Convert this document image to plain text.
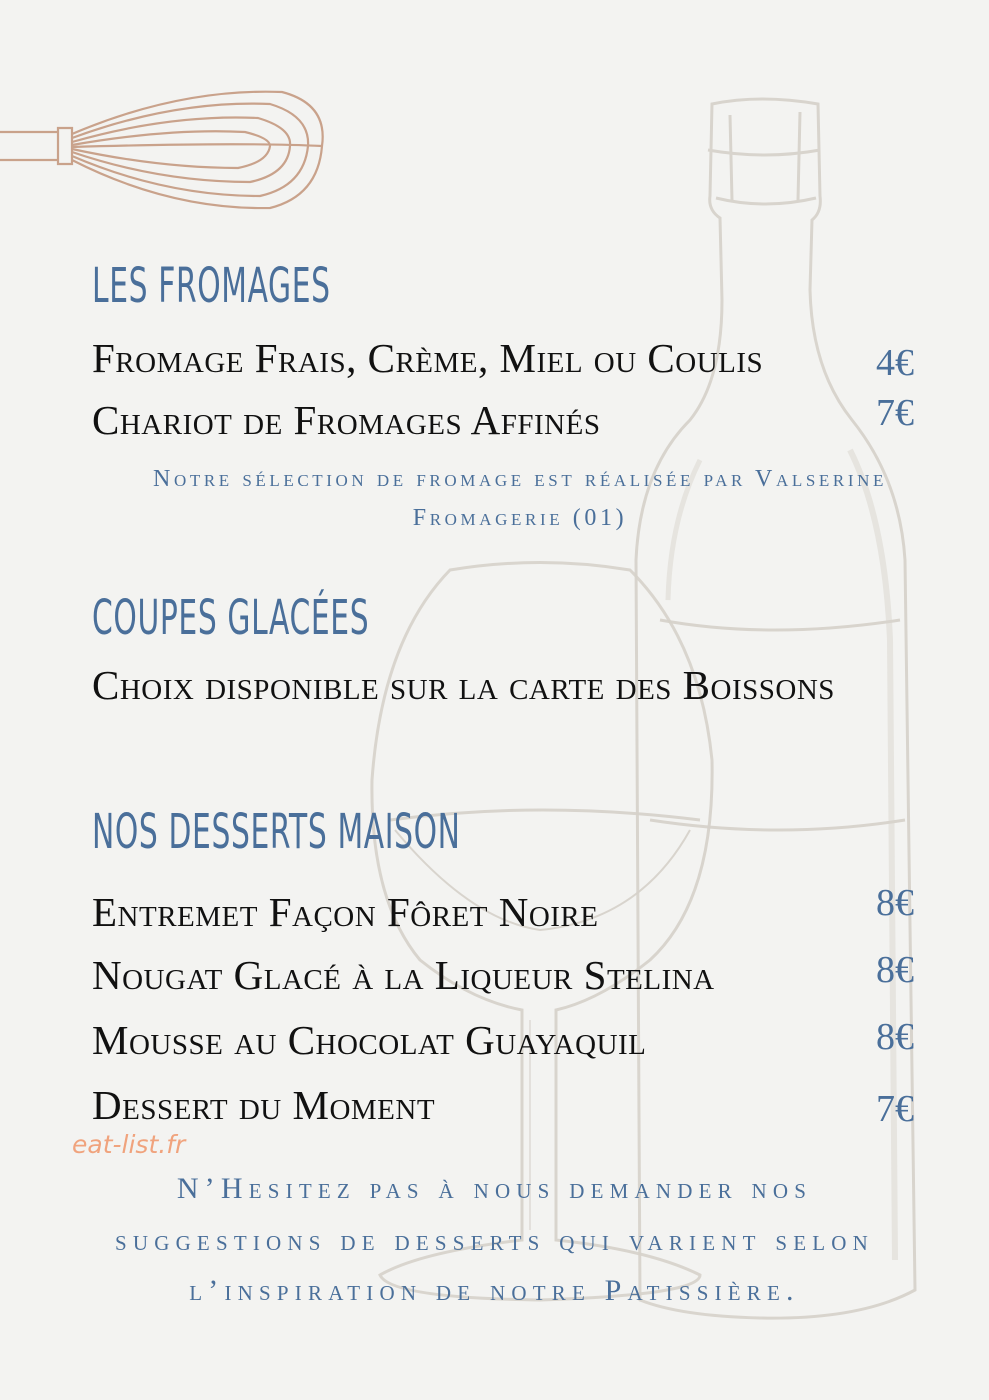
LES FROMAGES
Fromage Frais, Crème, Miel ou Coulis	4€
Chariot de Fromages Affinés	7€
Notre sélection de fromage est réalisée par Valserine
Fromagerie (01)
COUPES GLACÉES
Choix disponible sur la carte des Boissons
NOS DESSERTS MAISON
Entremet Façon Fôret Noire	8€
Nougat Glacé à la Liqueur Stelina	8€
Mousse au Chocolat Guayaquil	8€
Dessert du Moment	7€
eat-list.fr
N’Hesitez pas à nous demander nos
suggestions de desserts qui varient selon
l’inspiration de notre Patissière.
